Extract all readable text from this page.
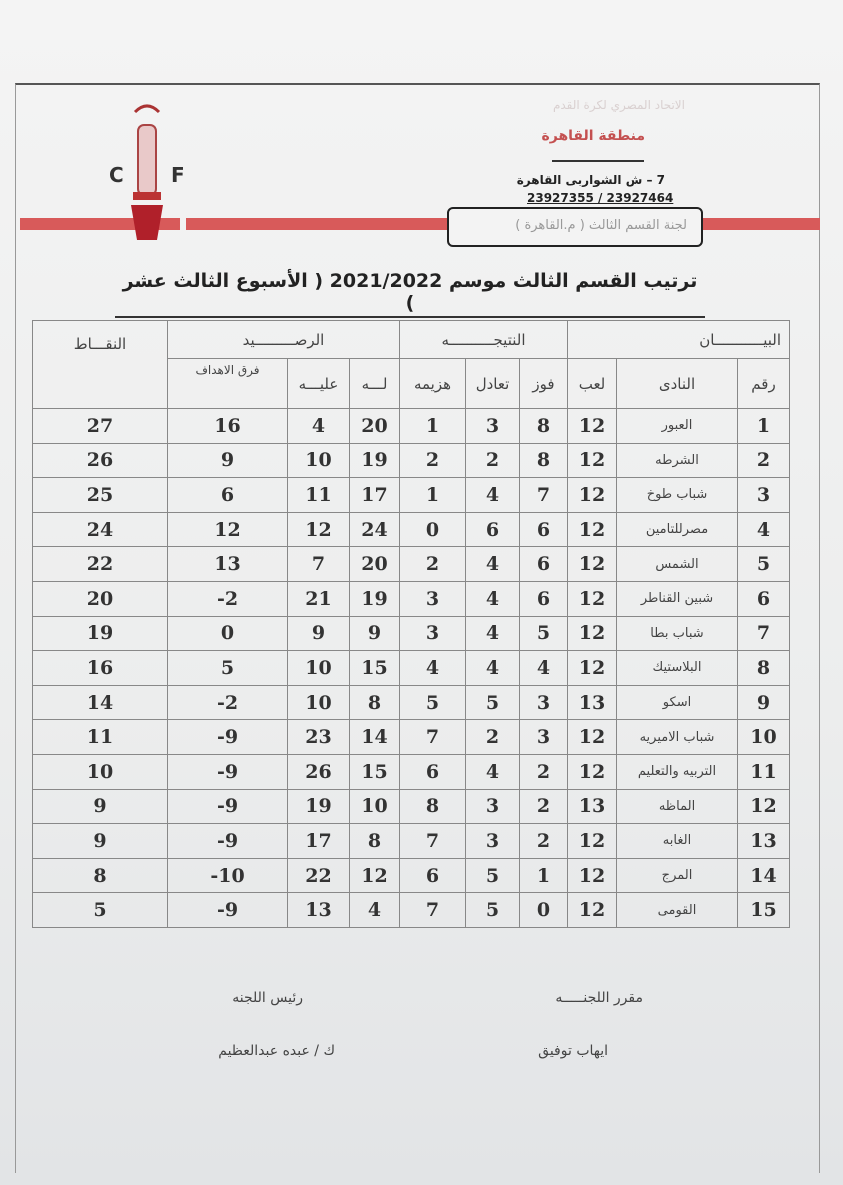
C F
الاتحاد المصري لكرة القدم
منطقة القاهرة
7 – ش الشواربى القاهرة
23927355 / 23927464
لجنة القسم الثالث ( م.القاهرة )
ترتيب القسم الثالث موسم 2021/2022 ( الأسبوع الثالث عشر )
البيـــــــــــان			النتيجــــــــــه			الرصـــــــــيد			النقـــاط
رقم	النادى	لعب	فوز	تعادل	هزيمه	لـــه	عليـــه	فرق الاهداف	
1	العبور	12	8	3	1	20	4	16	27
2	الشرطه	12	8	2	2	19	10	9	26
3	شباب طوخ	12	7	4	1	17	11	6	25
4	مصرللتامين	12	6	6	0	24	12	12	24
5	الشمس	12	6	4	2	20	7	13	22
6	شبين القناطر	12	6	4	3	19	21	2-	20
7	شباب بطا	12	5	4	3	9	9	0	19
8	البلاستيك	12	4	4	4	15	10	5	16
9	اسكو	13	3	5	5	8	10	2-	14
10	شباب الاميريه	12	3	2	7	14	23	9-	11
11	التربيه والتعليم	12	2	4	6	15	26	9-	10
12	الماظه	13	2	3	8	10	19	9-	9
13	الغابه	12	2	3	7	8	17	9-	9
14	المرج	12	1	5	6	12	22	10-	8
15	القومى	12	0	5	7	4	13	9-	5
مقرر اللجنـــــه
ايهاب توفيق
رئيس اللجنه
ك / عبده عبدالعظيم
